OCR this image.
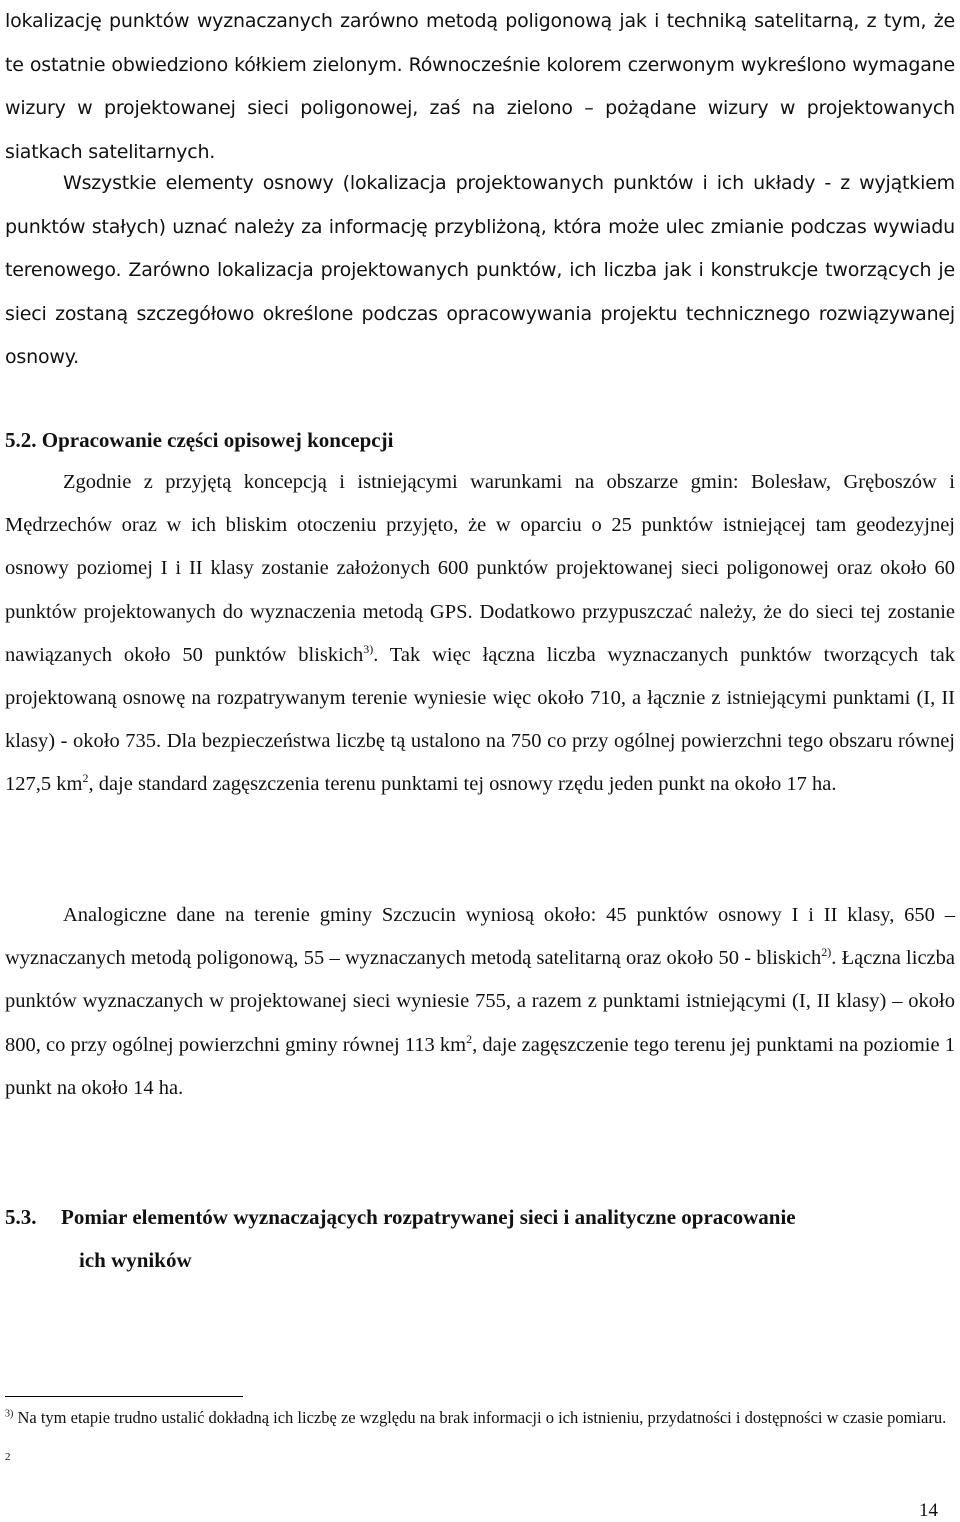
lokalizację punktów wyznaczanych zarówno metodą poligonową jak i techniką satelitarną, z tym, że te ostatnie obwiedziono kółkiem zielonym. Równocześnie kolorem czerwonym wykreślono wymagane wizury w projektowanej sieci poligonowej, zaś na zielono – pożądane wizury w projektowanych siatkach satelitarnych.

Wszystkie elementy osnowy (lokalizacja projektowanych punktów i ich układy - z wyjątkiem punktów stałych) uznać należy za informację przybliżoną, która może ulec zmianie podczas wywiadu terenowego. Zarówno lokalizacja projektowanych punktów, ich liczba jak i konstrukcje tworzących je sieci zostaną szczegółowo określone podczas opracowywania projektu technicznego rozwiązywanej osnowy.

5.2. Opracowanie części opisowej koncepcji

Zgodnie z przyjętą koncepcją i istniejącymi warunkami na obszarze gmin: Bolesław, Gręboszów i Mędrzechów oraz w ich bliskim otoczeniu przyjęto, że w oparciu o 25 punktów istniejącej tam geodezyjnej osnowy poziomej I i II klasy zostanie założonych 600 punktów projektowanej sieci poligonowej oraz około 60 punktów projektowanych do wyznaczenia metodą GPS. Dodatkowo przypuszczać należy, że do sieci tej zostanie nawiązanych około 50 punktów bliskich$^{3)}$. Tak więc łączna liczba wyznaczanych punktów tworzących tak projektowaną osnowę na rozpatrywanym terenie wyniesie więc około 710, a łącznie z istniejącymi punktami (I, II klasy) - około 735. Dla bezpieczeństwa liczbę tą ustalono na 750 co przy ogólnej powierzchni tego obszaru równej 127,5 $km^2$, daje standard zagęszczenia terenu punktami tej osnowy rzędu jeden punkt na około 17 ha.

Analogiczne dane na terenie gminy Szczucin wyniosą około: 45 punktów osnowy I i II klasy, 650 – wyznaczanych metodą poligonową, 55 – wyznaczanych metodą satelitarną oraz około 50 - bliskich$^{2)}$. Łączna liczba punktów wyznaczanych w projektowanej sieci wyniesie 755, a razem z punktami istniejącymi (I, II klasy) – około 800, co przy ogólnej powierzchni gminy równej 113 $km^2$, daje zagęszczenie tego terenu jej punktami na poziomie 1 punkt na około 14 ha.

5.3. Pomiar elementów wyznaczających rozpatrywanej sieci i analityczne opracowanie
ich wyników
$^{3)}$ Na tym etapie trudno ustalić dokładną ich liczbę ze względu na brak informacji o ich istnieniu, przydatności i dostępności w czasie pomiaru.
2
14
